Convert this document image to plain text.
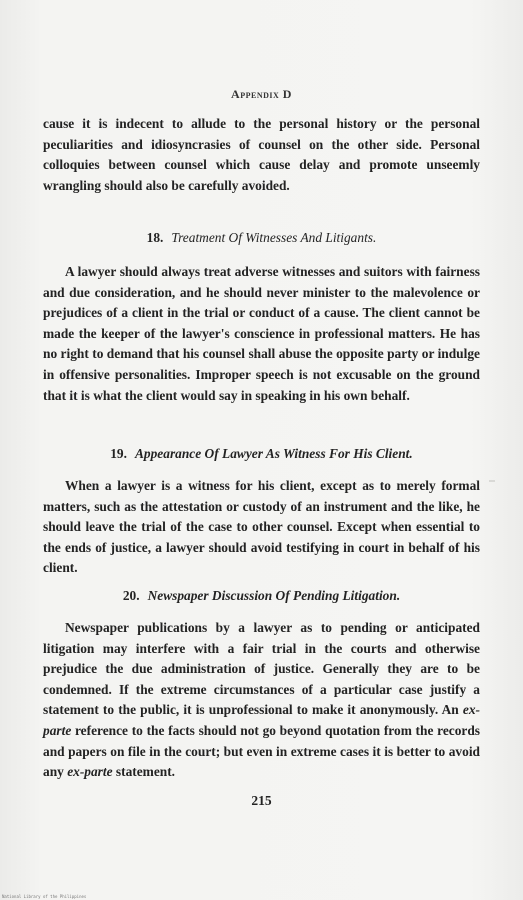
Appendix D

cause it is indecent to allude to the personal history or the personal peculiarities and idiosyncrasies of counsel on the other side. Personal colloquies between counsel which cause delay and promote unseemly wrangling should also be carefully avoided.

18. Treatment Of Witnesses And Litigants.

A lawyer should always treat adverse witnesses and suitors with fairness and due consideration, and he should never minister to the malevolence or prejudices of a client in the trial or conduct of a cause. The client cannot be made the keeper of the lawyer's conscience in professional matters. He has no right to demand that his counsel shall abuse the opposite party or indulge in offensive personalities. Improper speech is not excusable on the ground that it is what the client would say in speaking in his own behalf.

19. Appearance Of Lawyer As Witness For His Client.

When a lawyer is a witness for his client, except as to merely formal matters, such as the attestation or custody of an instrument and the like, he should leave the trial of the case to other counsel. Except when essential to the ends of justice, a lawyer should avoid testifying in court in behalf of his client.

20. Newspaper Discussion Of Pending Litigation.

Newspaper publications by a lawyer as to pending or anticipated litigation may interfere with a fair trial in the courts and otherwise prejudice the due administration of justice. Generally they are to be condemned. If the extreme circumstances of a particular case justify a statement to the public, it is unprofessional to make it anonymously. An ex-parte reference to the facts should not go beyond quotation from the records and papers on file in the court; but even in extreme cases it is better to avoid any ex-parte statement.

215
National Library of the Philippines
